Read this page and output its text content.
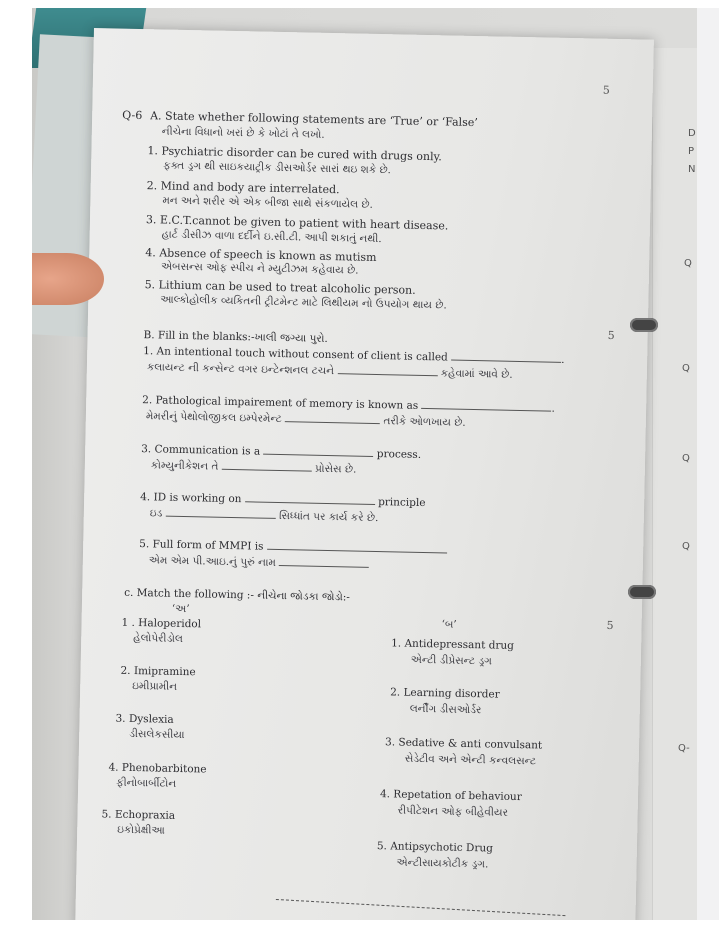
5
Q-6 A. State whether following statements are ‘True’ or ‘False’
નીચેના વિધાનો ખરાં છે કે ખોટાં તે લખો.
1. Psychiatric disorder can be cured with drugs only.
ફક્ત ડ્રગ થી સાઇકયાટ્રીક ડીસઓર્ડર સારાં થઇ શકે છે.
2. Mind and body are interrelated.
મન અને શરીર એ એક બીજા સાથે સંકળાયેલ છે.
3. E.C.T.cannot be given to patient with heart disease.
હાર્ટ ડીસીઝ વાળા દર્દીને ઇ.સી.ટી. આપી શકાતું નથી.
4. Absence of speech is known as mutism
એબસન્સ ઓફ સ્પીચ ને મ્યુટીઝમ કહેવાય છે.
5. Lithium can be used to treat alcoholic person.
આલ્કોહોલીક વ્યકિતની ટ્રીટમેન્ટ માટે લિથીયમ નો ઉપયોગ થાય છે.
5
B. Fill in the blanks:-ખાલી જગ્યા પુરો.
1. An intentional touch without consent of client is called	.
કલાયન્ટ ની કન્સેન્ટ વગર ઇન્ટેન્શનલ ટચને	કહેવામાં આવે છે.
2. Pathological impairement of memory is known as	.
મેમરીનું પેથોલોજીકલ ઇમ્પેરમેન્ટ	તરીકે ઓળખાય છે.
3. Communication is a	process.
કોમ્યુનીકેશન તે	પ્રોસેસ છે.
4. ID is working on	principle
ઇડ	સિધ્ધાંત પર કાર્ય કરે છે.
5. Full form of MMPI is
એમ એમ પી.આઇ.નું પુરું નામ
c. Match the following :- નીચેના જોડકા જોડો:-
‘અ’
‘બ’	5
1 . Haloperidol
હેલોપેરીડોલ
2. Imipramine
ઇમીપ્રામીન
3. Dyslexia
ડીસલેકસીયા
4. Phenobarbitone
ફીનોબાર્બીટોન
5. Echopraxia
ઇકોપ્રેક્ષીઆ
1. Antidepressant drug
એન્ટી ડીપ્રેસન્ટ ડ્રગ
2. Learning disorder
લર્નીંગ ડીસઓર્ડર
3. Sedative & anti convulsant
સેડેટીવ અને એન્ટી કન્વલસન્ટ
4. Repetation of behaviour
રીપીટેશન ઓફ બીહેવીયર
5. Antipsychotic Drug
એન્ટીસાયકોટીક ડ્રગ.
D
P
N
Q
Q
Q
Q
Q-
